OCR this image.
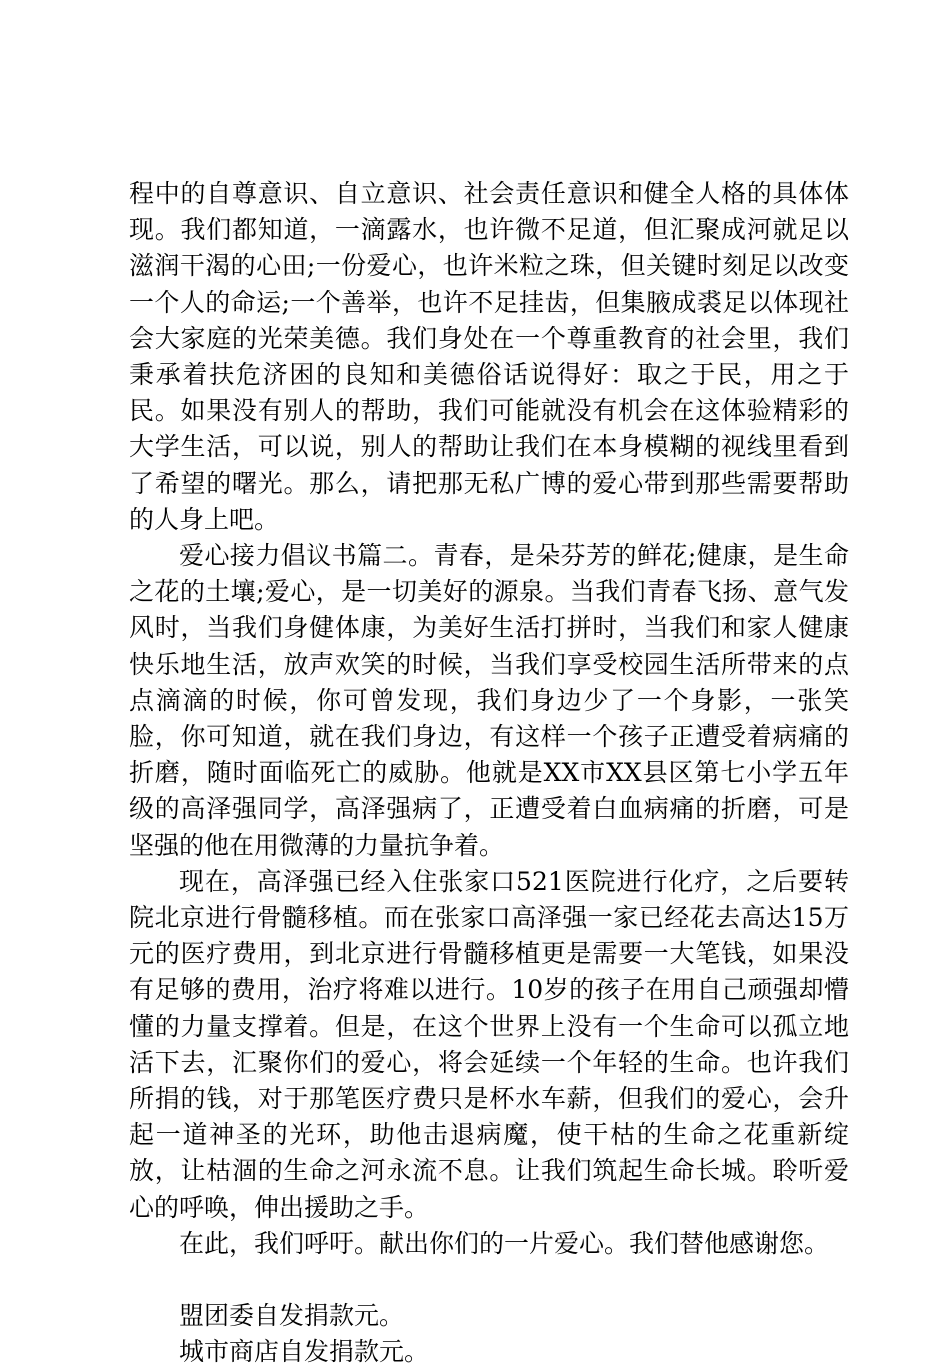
程中的自尊意识、自立意识、社会责任意识和健全人格的具体体现。我们都知道，一滴露水，也许微不足道，但汇聚成河就足以滋润干渴的心田;一份爱心，也许米粒之珠，但关键时刻足以改变一个人的命运;一个善举，也许不足挂齿，但集腋成裘足以体现社会大家庭的光荣美德。我们身处在一个尊重教育的社会里，我们秉承着扶危济困的良知和美德俗话说得好：取之于民，用之于民。如果没有别人的帮助，我们可能就没有机会在这体验精彩的大学生活，可以说，别人的帮助让我们在本身模糊的视线里看到了希望的曙光。那么，请把那无私广博的爱心带到那些需要帮助的人身上吧。

爱心接力倡议书篇二。青春，是朵芬芳的鲜花;健康，是生命之花的土壤;爱心，是一切美好的源泉。当我们青春飞扬、意气发风时，当我们身健体康，为美好生活打拼时，当我们和家人健康快乐地生活，放声欢笑的时候，当我们享受校园生活所带来的点点滴滴的时候，你可曾发现，我们身边少了一个身影，一张笑脸，你可知道，就在我们身边，有这样一个孩子正遭受着病痛的折磨，随时面临死亡的威胁。他就是XX市XX县区第七小学五年级的高泽强同学，高泽强病了，正遭受着白血病痛的折磨，可是坚强的他在用微薄的力量抗争着。

现在，高泽强已经入住张家口521医院进行化疗，之后要转院北京进行骨髓移植。而在张家口高泽强一家已经花去高达15万元的医疗费用，到北京进行骨髓移植更是需要一大笔钱，如果没有足够的费用，治疗将难以进行。10岁的孩子在用自己顽强却懵懂的力量支撑着。但是，在这个世界上没有一个生命可以孤立地活下去，汇聚你们的爱心，将会延续一个年轻的生命。也许我们所捐的钱，对于那笔医疗费只是杯水车薪，但我们的爱心，会升起一道神圣的光环，助他击退病魔，使干枯的生命之花重新绽放，让枯涸的生命之河永流不息。让我们筑起生命长城。聆听爱心的呼唤，伸出援助之手。

在此，我们呼吁。献出你们的一片爱心。我们替他感谢您。

盟团委自发捐款元。

城市商店自发捐款元。
